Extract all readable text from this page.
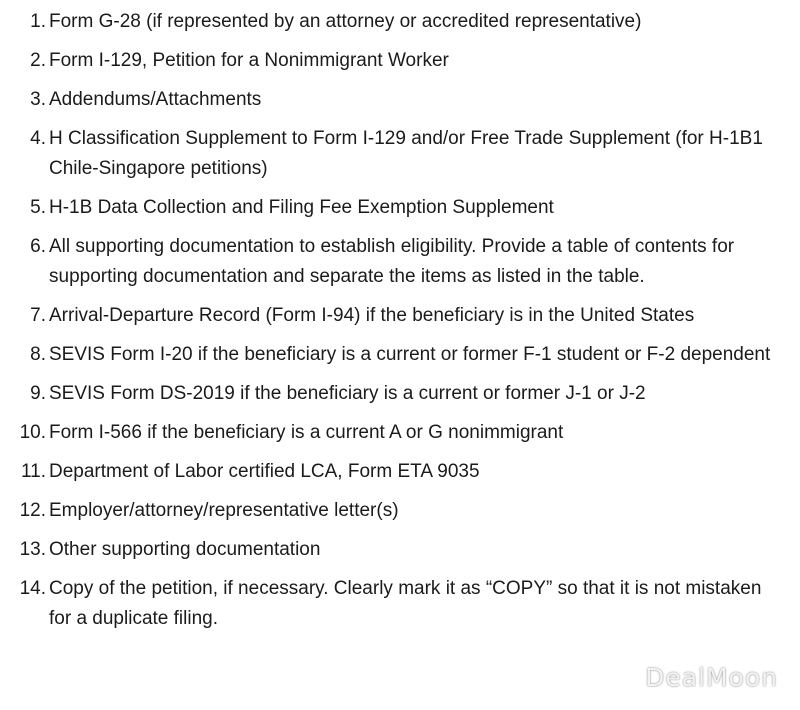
1. Form G-28 (if represented by an attorney or accredited representative)
2. Form I-129, Petition for a Nonimmigrant Worker
3. Addendums/Attachments
4. H Classification Supplement to Form I-129 and/or Free Trade Supplement (for H-1B1 Chile-Singapore petitions)
5. H-1B Data Collection and Filing Fee Exemption Supplement
6. All supporting documentation to establish eligibility. Provide a table of contents for supporting documentation and separate the items as listed in the table.
7. Arrival-Departure Record (Form I-94) if the beneficiary is in the United States
8. SEVIS Form I-20 if the beneficiary is a current or former F-1 student or F-2 dependent
9. SEVIS Form DS-2019 if the beneficiary is a current or former J-1 or J-2
10. Form I-566 if the beneficiary is a current A or G nonimmigrant
11. Department of Labor certified LCA, Form ETA 9035
12. Employer/attorney/representative letter(s)
13. Other supporting documentation
14. Copy of the petition, if necessary. Clearly mark it as “COPY” so that it is not mistaken for a duplicate filing.
DealMoon
